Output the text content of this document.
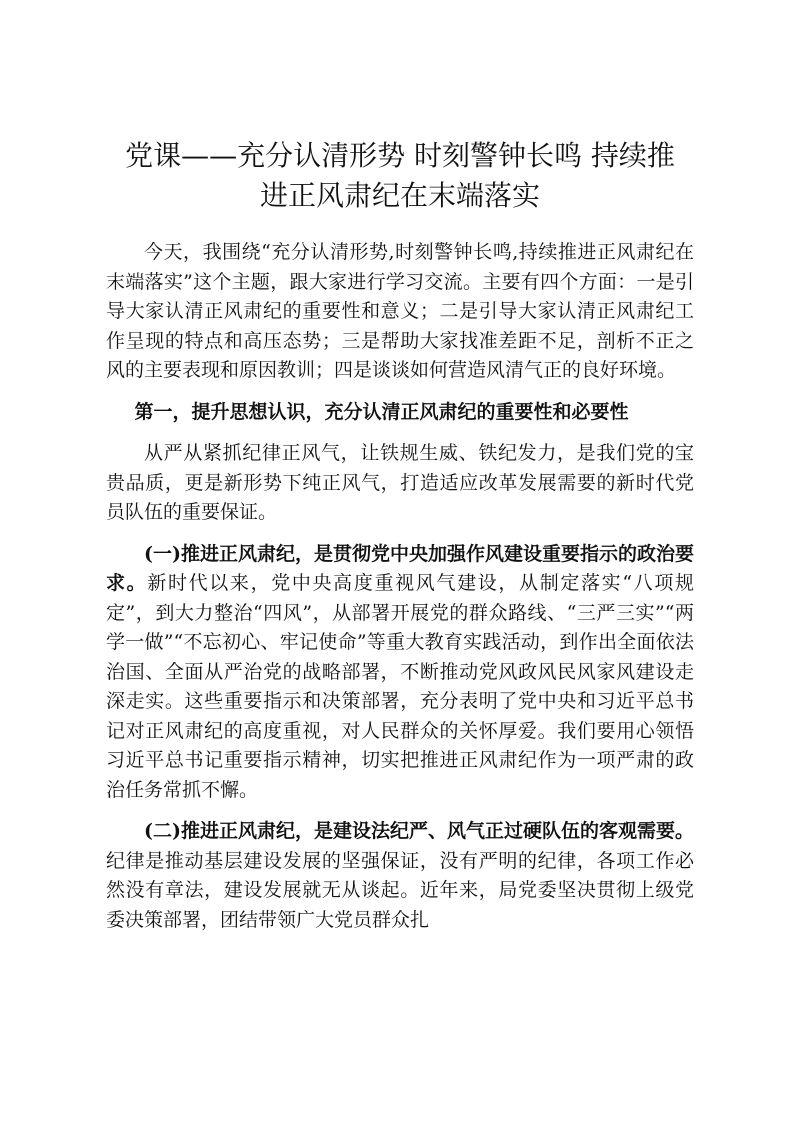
党课——充分认清形势 时刻警钟长鸣 持续推
进正风肃纪在末端落实

今天，我围绕“充分认清形势,时刻警钟长鸣,持续推进正风肃纪在末端落实”这个主题，跟大家进行学习交流。主要有四个方面：一是引导大家认清正风肃纪的重要性和意义；二是引导大家认清正风肃纪工作呈现的特点和高压态势；三是帮助大家找准差距不足，剖析不正之风的主要表现和原因教训；四是谈谈如何营造风清气正的良好环境。

第一，提升思想认识，充分认清正风肃纪的重要性和必要性

从严从紧抓纪律正风气，让铁规生威、铁纪发力，是我们党的宝贵品质，更是新形势下纯正风气，打造适应改革发展需要的新时代党员队伍的重要保证。

(一)推进正风肃纪，是贯彻党中央加强作风建设重要指示的政治要求。新时代以来，党中央高度重视风气建设，从制定落实“八项规定”，到大力整治“四风”，从部署开展党的群众路线、“三严三实”“两学一做”“不忘初心、牢记使命”等重大教育实践活动，到作出全面依法治国、全面从严治党的战略部署，不断推动党风政风民风家风建设走深走实。这些重要指示和决策部署，充分表明了党中央和习近平总书记对正风肃纪的高度重视，对人民群众的关怀厚爱。我们要用心领悟习近平总书记重要指示精神，切实把推进正风肃纪作为一项严肃的政治任务常抓不懈。

(二)推进正风肃纪，是建设法纪严、风气正过硬队伍的客观需要。纪律是推动基层建设发展的坚强保证，没有严明的纪律，各项工作必然没有章法，建设发展就无从谈起。近年来，局党委坚决贯彻上级党委决策部署，团结带领广大党员群众扎
